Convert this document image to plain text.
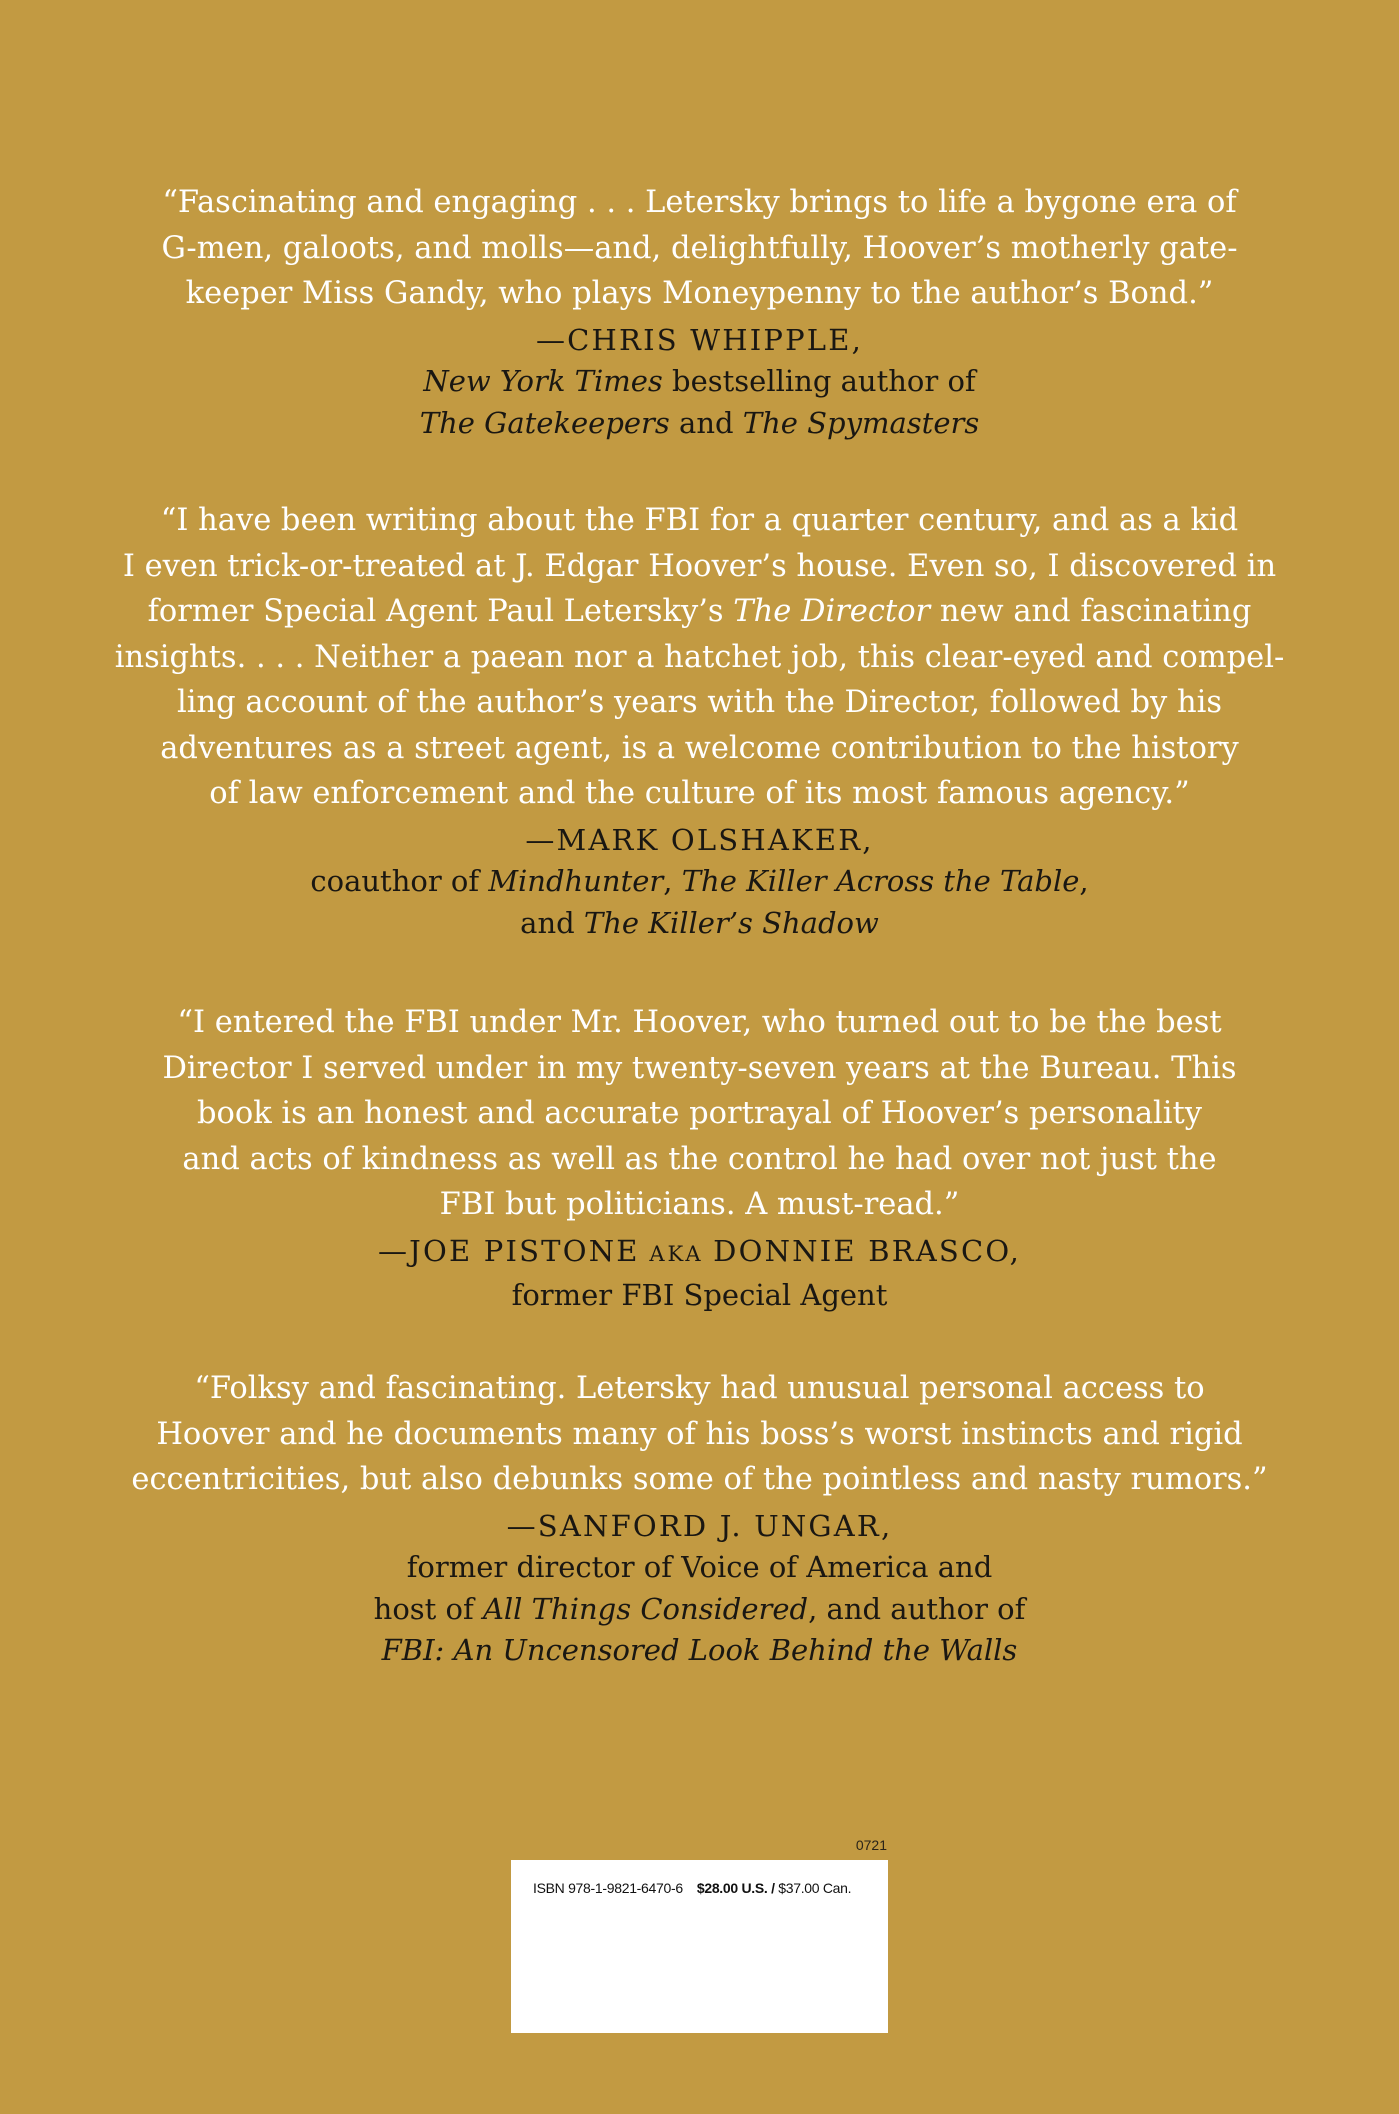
“Fascinating and engaging . . . Letersky brings to life a bygone era of
G-men, galoots, and molls—and, delightfully, Hoover’s motherly gate-
keeper Miss Gandy, who plays Moneypenny to the author’s Bond.”

—CHRIS WHIPPLE,
New York Times bestselling author of
The Gatekeepers and The Spymasters

“I have been writing about the FBI for a quarter century, and as a kid
I even trick-or-treated at J. Edgar Hoover’s house. Even so, I discovered in
former Special Agent Paul Letersky’s The Director new and fascinating
insights. . . . Neither a paean nor a hatchet job, this clear-eyed and compel-
ling account of the author’s years with the Director, followed by his
adventures as a street agent, is a welcome contribution to the history
of law enforcement and the culture of its most famous agency.”

—MARK OLSHAKER,
coauthor of Mindhunter, The Killer Across the Table,
and The Killer’s Shadow

“I entered the FBI under Mr. Hoover, who turned out to be the best
Director I served under in my twenty-seven years at the Bureau. This
book is an honest and accurate portrayal of Hoover’s personality
and acts of kindness as well as the control he had over not just the
FBI but politicians. A must-read.”

—JOE PISTONE AKA DONNIE BRASCO,
former FBI Special Agent

“Folksy and fascinating. Letersky had unusual personal access to
Hoover and he documents many of his boss’s worst instincts and rigid
eccentricities, but also debunks some of the pointless and nasty rumors.”

—SANFORD J. UNGAR,
former director of Voice of America and
host of All Things Considered, and author of
FBI: An Uncensored Look Behind the Walls
0721
ISBN 978-1-9821-6470-6 $28.00 U.S. / $37.00 Can.
